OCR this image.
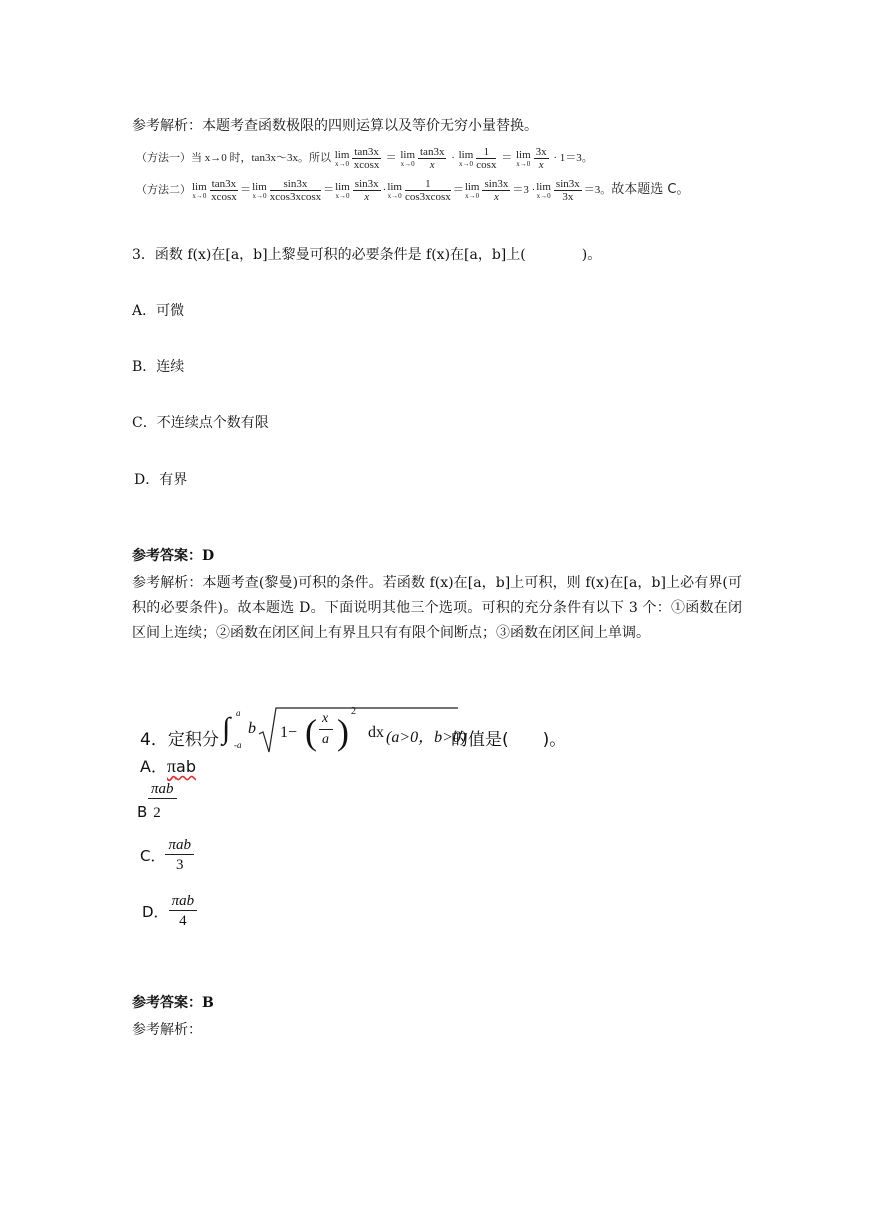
参考解析：本题考查函数极限的四则运算以及等价无穷小量替换。
（方法一）当 x→0 时，tan3x～3x。所以 lim
$x\to 0 \frac{\tan 3x}{xcosx} = \lim$
$x\to 0 \frac{\tan 3x}{x} \cdot \lim$
$x\to 0 \frac{1}{\cos x} = \lim$
$x\to 0 \frac{3x}{x} \cdot 1=3$。
（方法二）lim
$x\to 0 \frac{\tan 3x}{xcosx} =\lim$
$x\to 0 \frac{\sin 3x}{xcos3xcosx} =\lim$
$x\to 0 \frac{\sin 3x}{x} \cdot\lim$
$x\to 0 \frac{1}{\cos 3xcosx} =\lim$
$x\to 0 \frac{\sin 3x}{x} =3 \cdot\lim$
$x\to 0 \frac{\sin 3x}{3x} =3$。故本题选 C。
3．函数 f(x)在[a，b]上黎曼可积的必要条件是 f(x)在[a，b]上(　　　　)。
A．可微
B．连续
C．不连续点个数有限
D．有界
参考答案：D
参考解析：本题考查(黎曼)可积的条件。若函数 f(x)在[a，b]上可积，则 f(x)在[a，b]上必有界(可积的必要条件)。故本题选 D。下面说明其他三个选项。可积的充分条件有以下 3 个：①函数在闭区间上连续；②函数在闭区间上有界且只有有限个间断点；③函数在闭区间上单调。
4．定积分 ∫ a
-a
b 1− ( x
a )
2
dx (a>0，b>0)
的值是(　　)。
A．πab
πab
B 2
C． $\frac{\text{πab}}{3}$
D． $\frac{\text{πab}}{4}$
参考答案：B
参考解析：
